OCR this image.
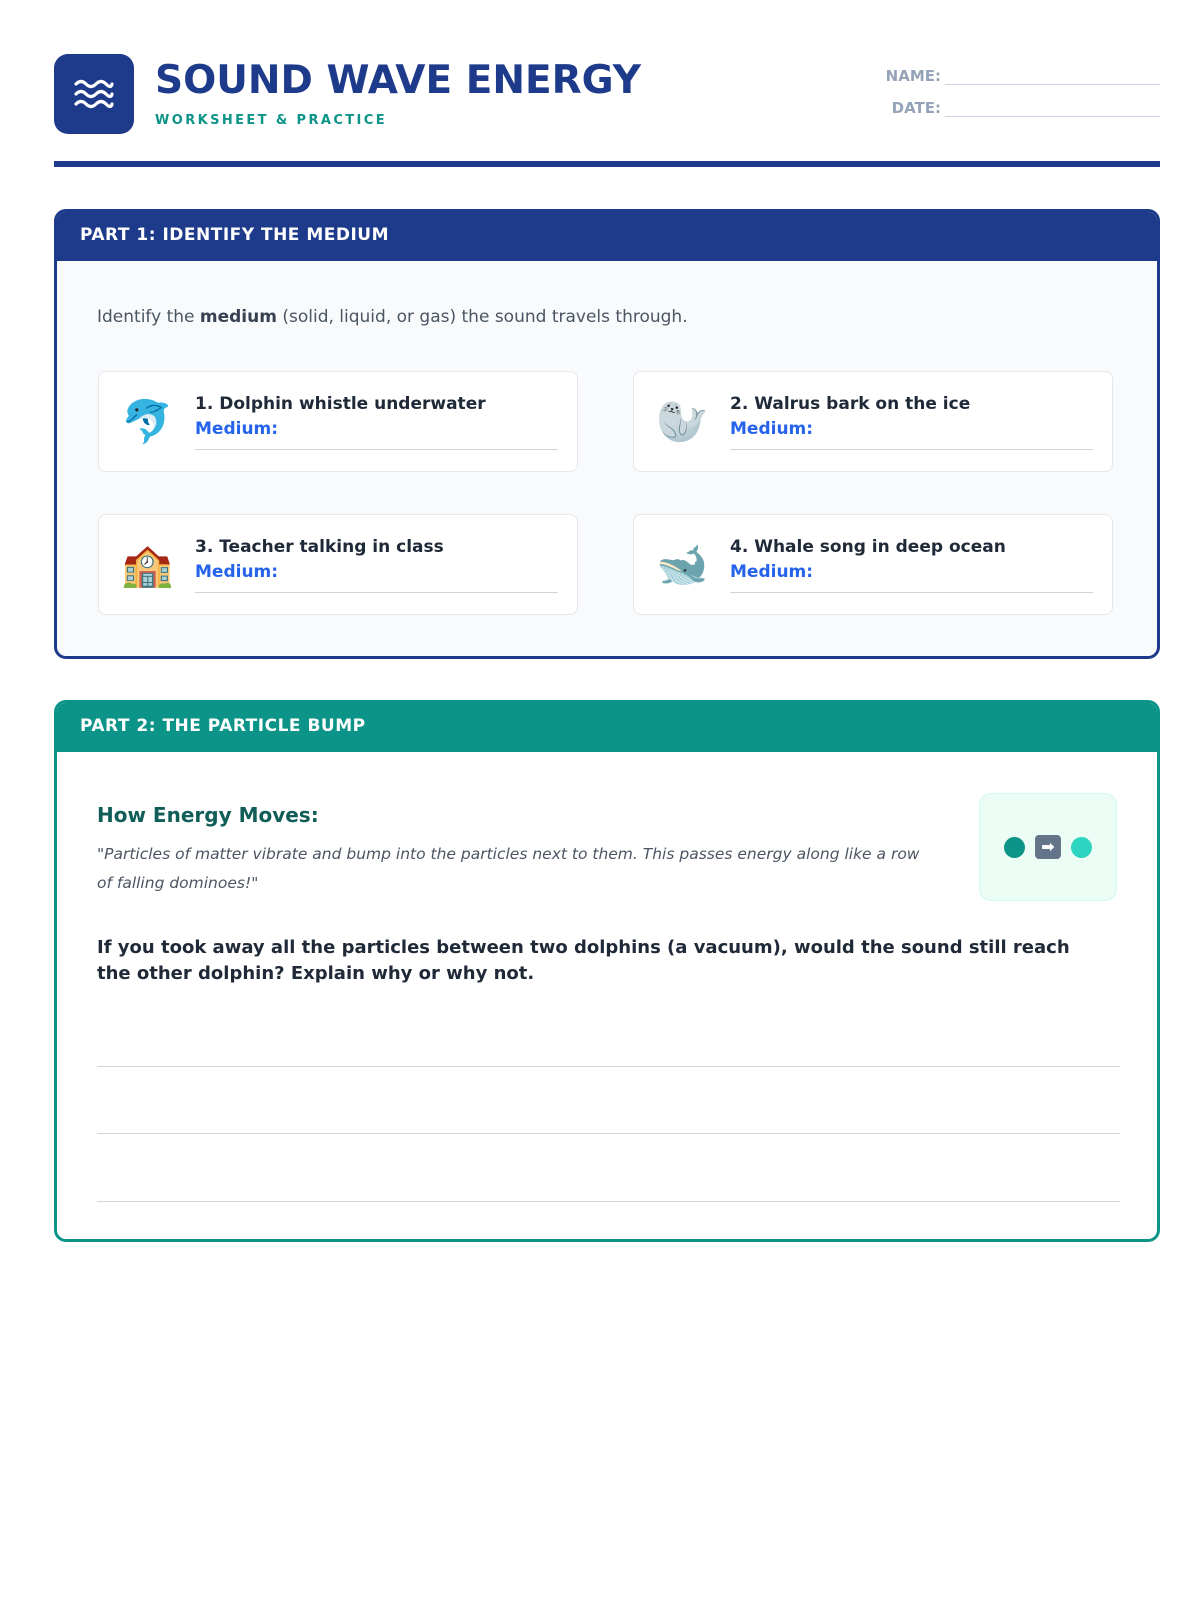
SOUND WAVE ENERGY
WORKSHEET & PRACTICE
NAME:
DATE:
PART 1: IDENTIFY THE MEDIUM
Identify the medium (solid, liquid, or gas) the sound travels through.
🐬 1. Dolphin whistle underwater
Medium:	🦭 2. Walrus bark on the ice
Medium:
🏫 3. Teacher talking in class
Medium:	🐋 4. Whale song in deep ocean
Medium:
PART 2: THE PARTICLE BUMP
How Energy Moves:
"Particles of matter vibrate and bump into the particles next to them. This passes energy along like a row of falling dominoes!"
➡
If you took away all the particles between two dolphins (a vacuum), would the sound still reach the other dolphin? Explain why or why not.
